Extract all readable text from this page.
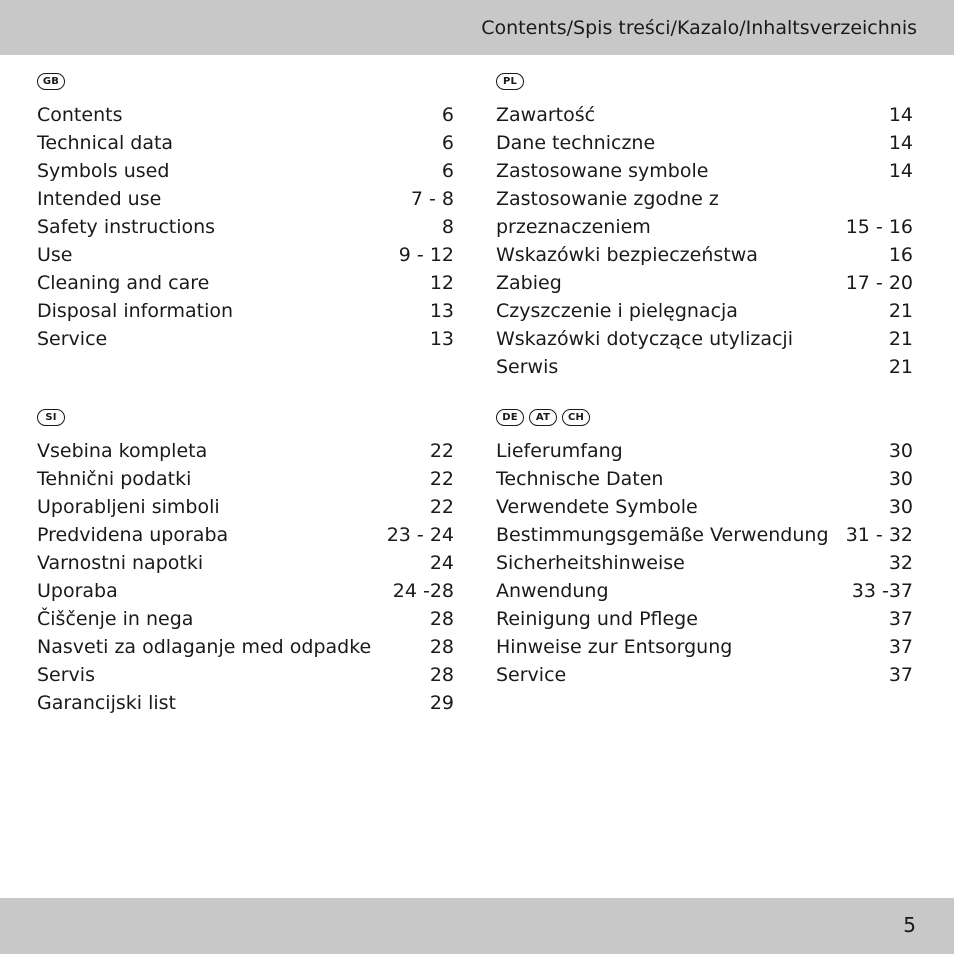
Contents/Spis treści/Kazalo/Inhaltsverzeichnis
GB
Contents	6
Technical data	6
Symbols used	6
Intended use	7 - 8
Safety instructions	8
Use	9 - 12
Cleaning and care	12
Disposal information	13
Service	13
PL
Zawartość	14
Dane techniczne	14
Zastosowane symbole	14
Zastosowanie zgodne z
przeznaczeniem	15 - 16
Wskazówki bezpieczeństwa	16
Zabieg	17 - 20
Czyszczenie i pielęgnacja	21
Wskazówki dotyczące utylizacji	21
Serwis	21
SI
Vsebina kompleta	22
Tehnični podatki	22
Uporabljeni simboli	22
Predvidena uporaba	23 - 24
Varnostni napotki	24
Uporaba	24 -28
Čiščenje in nega	28
Nasveti za odlaganje med odpadke	28
Servis	28
Garancijski list	29
DE	AT	CH
Lieferumfang	30
Technische Daten	30
Verwendete Symbole	30
Bestimmungsgemäße Verwendung 31 - 32
Sicherheitshinweise	32
Anwendung	33 -37
Reinigung und Pflege	37
Hinweise zur Entsorgung	37
Service	37
5
